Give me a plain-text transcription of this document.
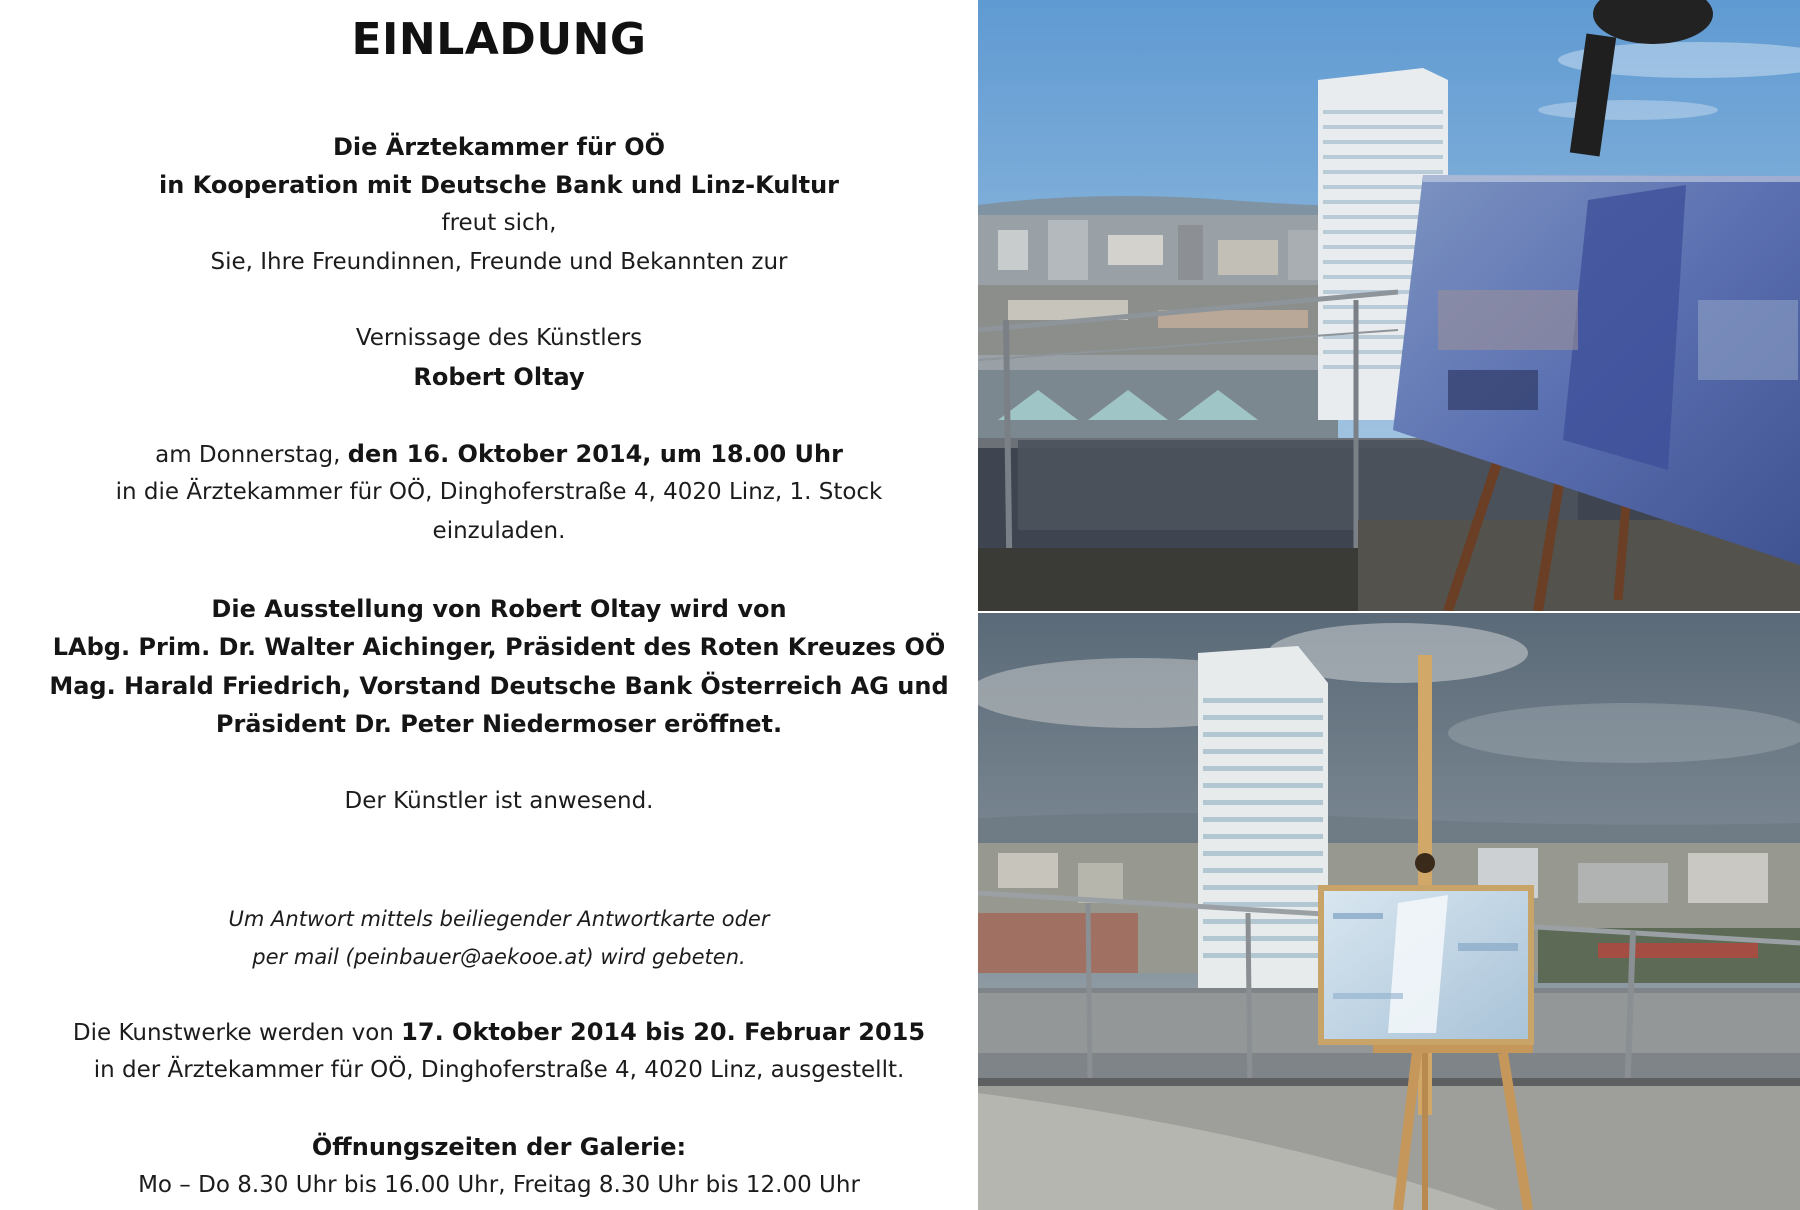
EINLADUNG
Die Ärztekammer für OÖ
in Kooperation mit Deutsche Bank und Linz-Kultur
freut sich,
Sie, Ihre Freundinnen, Freunde und Bekannten zur
Vernissage des Künstlers
Robert Oltay
am Donnerstag, den 16. Oktober 2014, um 18.00 Uhr
in die Ärztekammer für OÖ, Dinghoferstraße 4, 4020 Linz, 1. Stock
einzuladen.
Die Ausstellung von Robert Oltay wird von
LAbg. Prim. Dr. Walter Aichinger, Präsident des Roten Kreuzes OÖ
Mag. Harald Friedrich, Vorstand Deutsche Bank Österreich AG und
Präsident Dr. Peter Niedermoser eröffnet.
Der Künstler ist anwesend.
Um Antwort mittels beiliegender Antwortkarte oder
per mail (peinbauer@aekooe.at) wird gebeten.
Die Kunstwerke werden von 17. Oktober 2014 bis 20. Februar 2015
in der Ärztekammer für OÖ, Dinghoferstraße 4, 4020 Linz, ausgestellt.
Öffnungszeiten der Galerie:
Mo – Do 8.30 Uhr bis 16.00 Uhr, Freitag 8.30 Uhr bis 12.00 Uhr
